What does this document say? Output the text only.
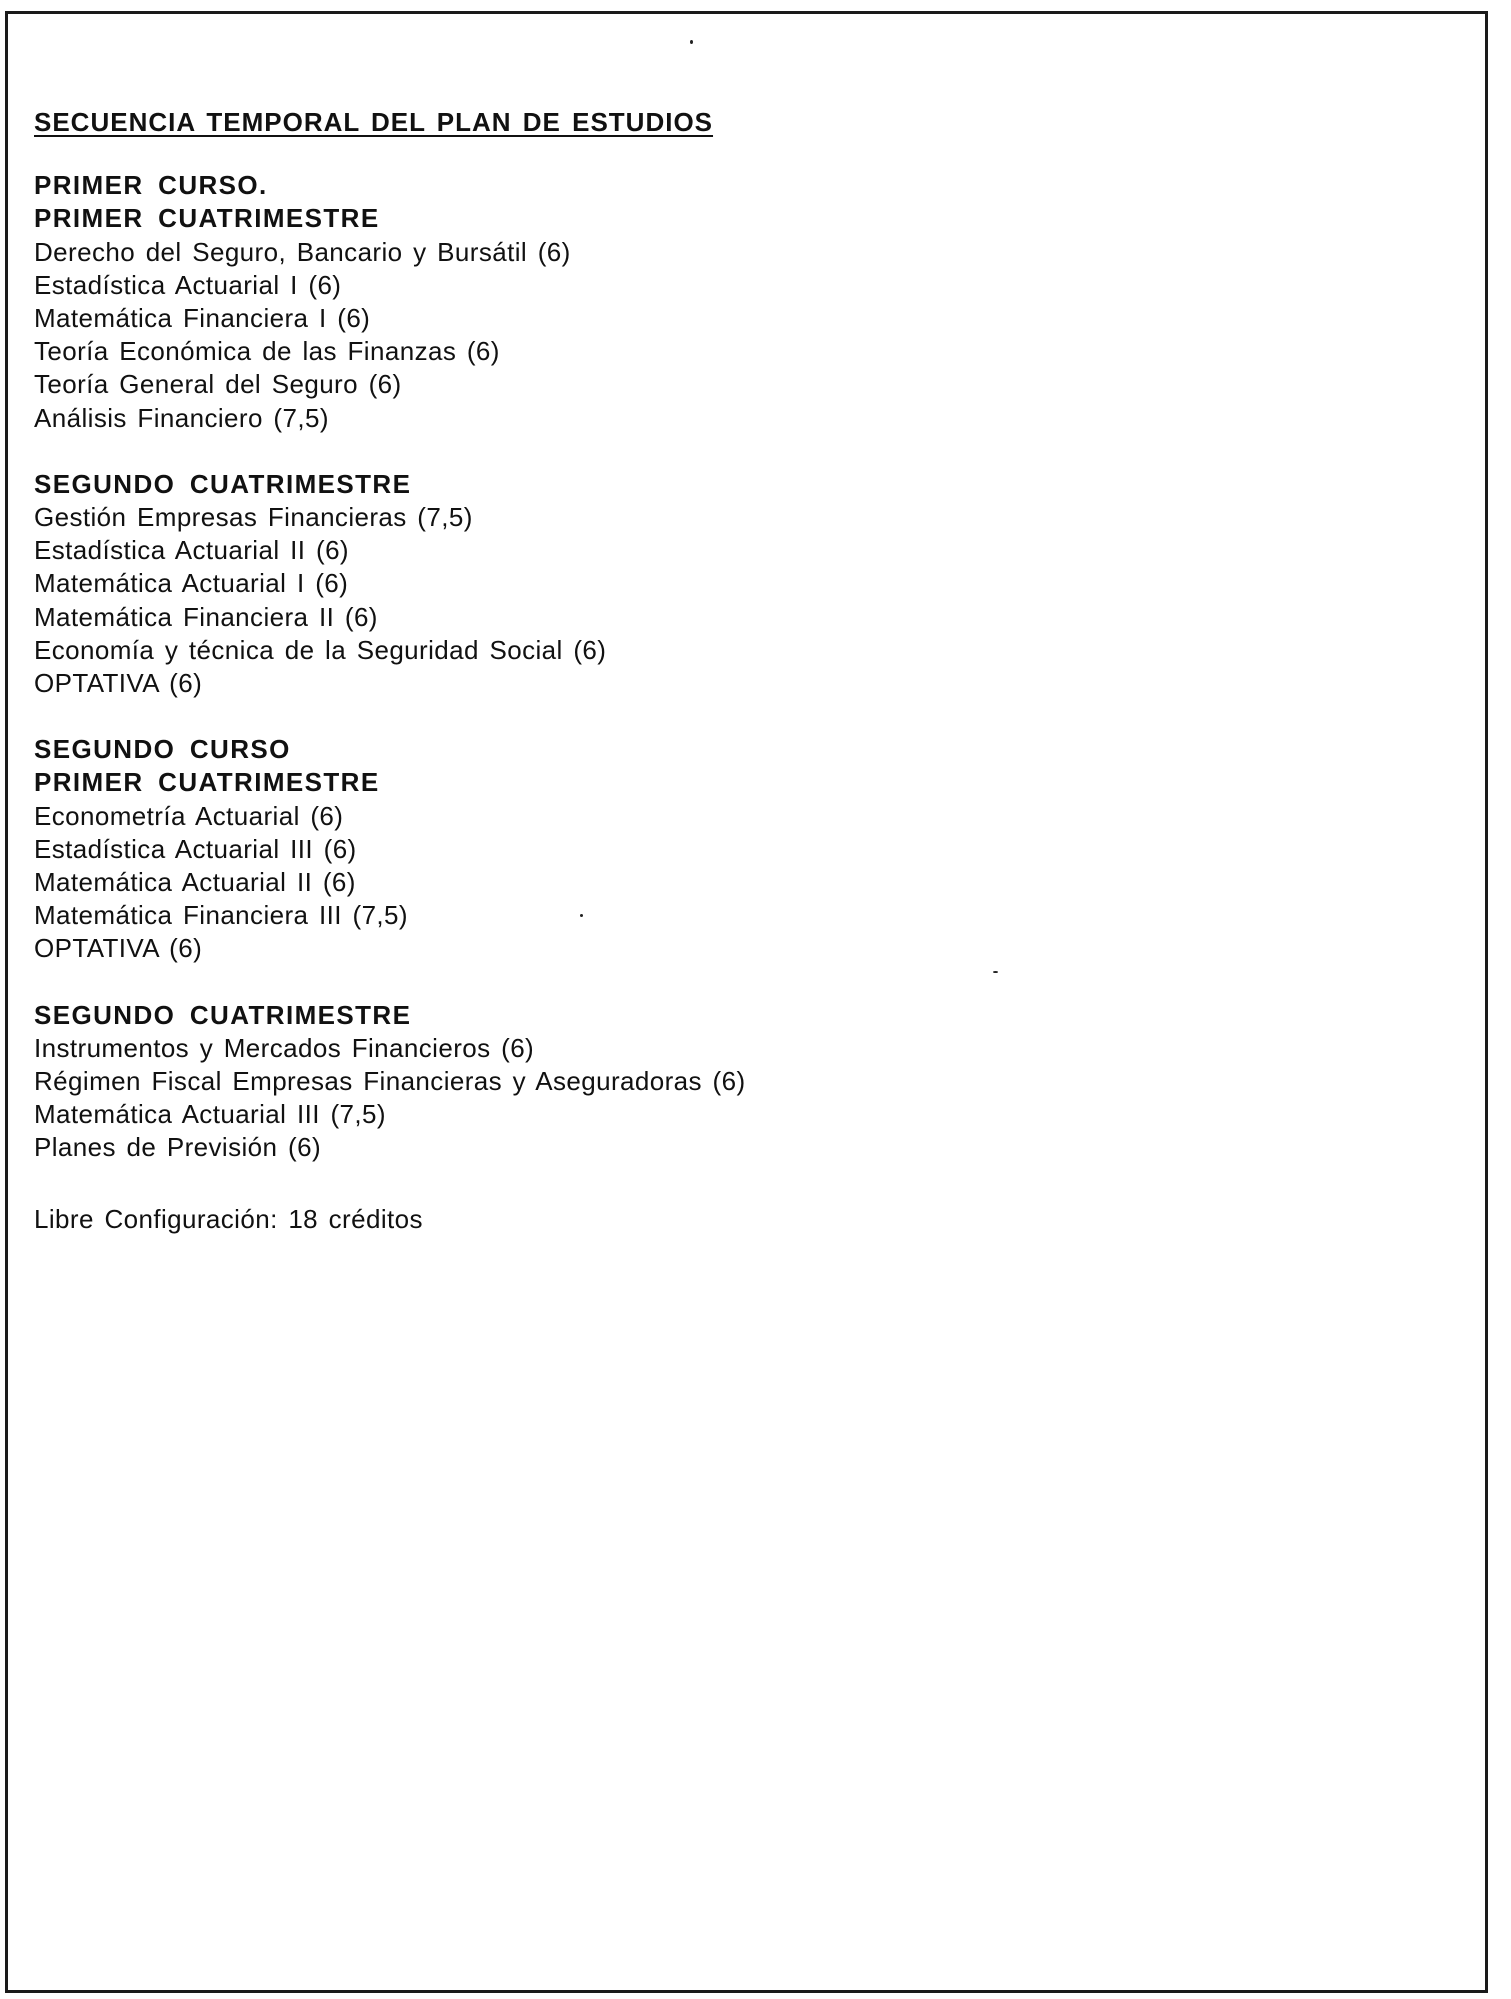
SECUENCIA TEMPORAL DEL PLAN DE ESTUDIOS
PRIMER CURSO.
PRIMER CUATRIMESTRE
Derecho del Seguro, Bancario y Bursátil (6)
Estadística Actuarial I (6)
Matemática Financiera I (6)
Teoría Económica de las Finanzas (6)
Teoría General del Seguro (6)
Análisis Financiero (7,5)
SEGUNDO CUATRIMESTRE
Gestión Empresas Financieras (7,5)
Estadística Actuarial II (6)
Matemática Actuarial I (6)
Matemática Financiera II (6)
Economía y técnica de la Seguridad Social (6)
OPTATIVA (6)
SEGUNDO CURSO
PRIMER CUATRIMESTRE
Econometría Actuarial (6)
Estadística Actuarial III (6)
Matemática Actuarial II (6)
Matemática Financiera III (7,5)
OPTATIVA (6)
SEGUNDO CUATRIMESTRE
Instrumentos y Mercados Financieros (6)
Régimen Fiscal Empresas Financieras y Aseguradoras (6)
Matemática Actuarial III (7,5)
Planes de Previsión (6)
Libre Configuración: 18 créditos
